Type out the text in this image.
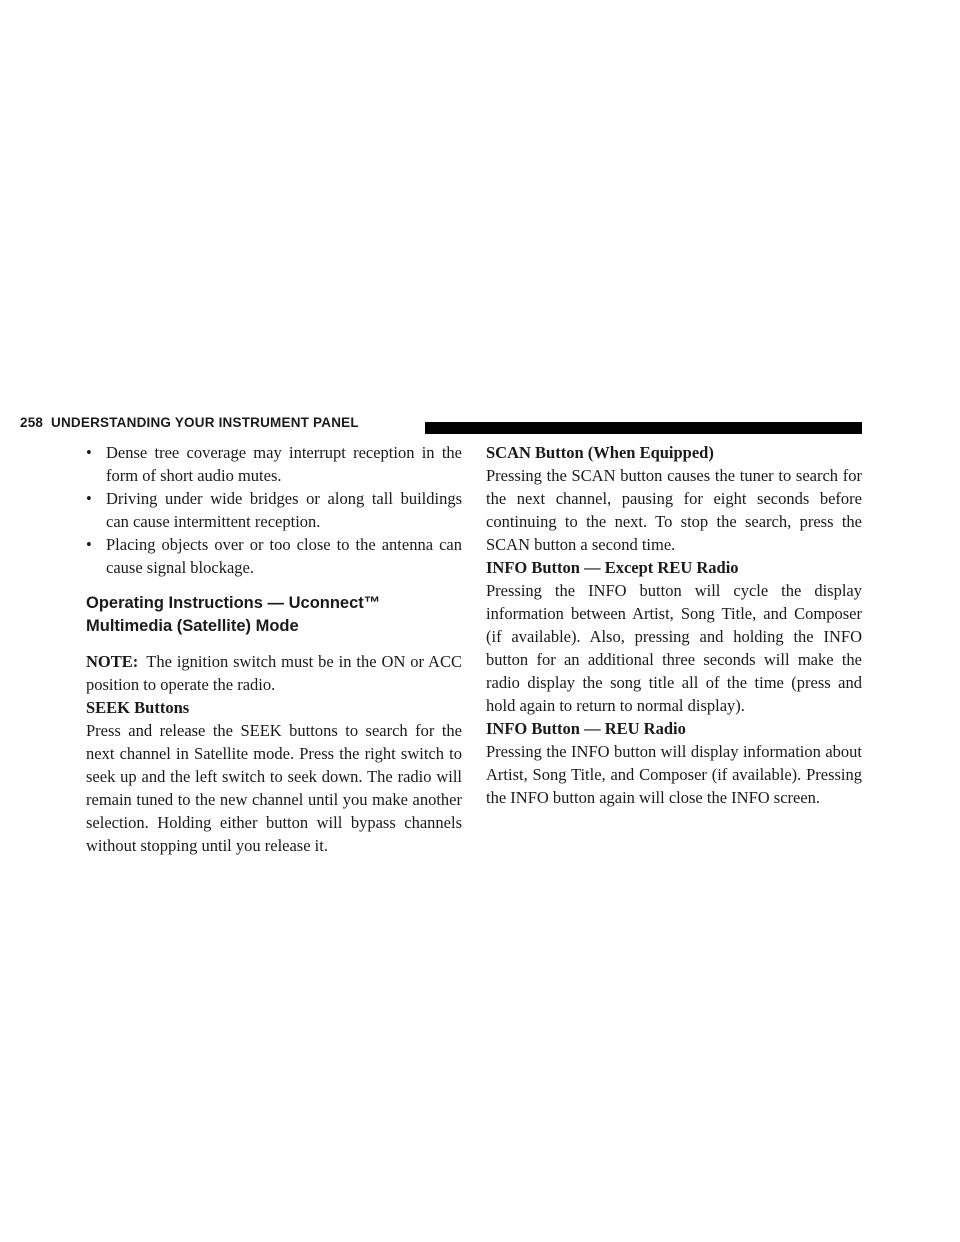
258 UNDERSTANDING YOUR INSTRUMENT PANEL

• Dense tree coverage may interrupt reception in the form of short audio mutes.

• Driving under wide bridges or along tall buildings can cause intermittent reception.

• Placing objects over or too close to the antenna can cause signal blockage.

Operating Instructions — Uconnect™ Multimedia (Satellite) Mode

NOTE: The ignition switch must be in the ON or ACC position to operate the radio.

SEEK Buttons

Press and release the SEEK buttons to search for the next channel in Satellite mode. Press the right switch to seek up and the left switch to seek down. The radio will remain tuned to the new channel until you make another selection. Holding either button will bypass channels without stopping until you release it.

SCAN Button (When Equipped)

Pressing the SCAN button causes the tuner to search for the next channel, pausing for eight seconds before continuing to the next. To stop the search, press the SCAN button a second time.

INFO Button — Except REU Radio

Pressing the INFO button will cycle the display information between Artist, Song Title, and Composer (if available). Also, pressing and holding the INFO button for an additional three seconds will make the radio display the song title all of the time (press and hold again to return to normal display).

INFO Button — REU Radio

Pressing the INFO button will display information about Artist, Song Title, and Composer (if available). Pressing the INFO button again will close the INFO screen.
